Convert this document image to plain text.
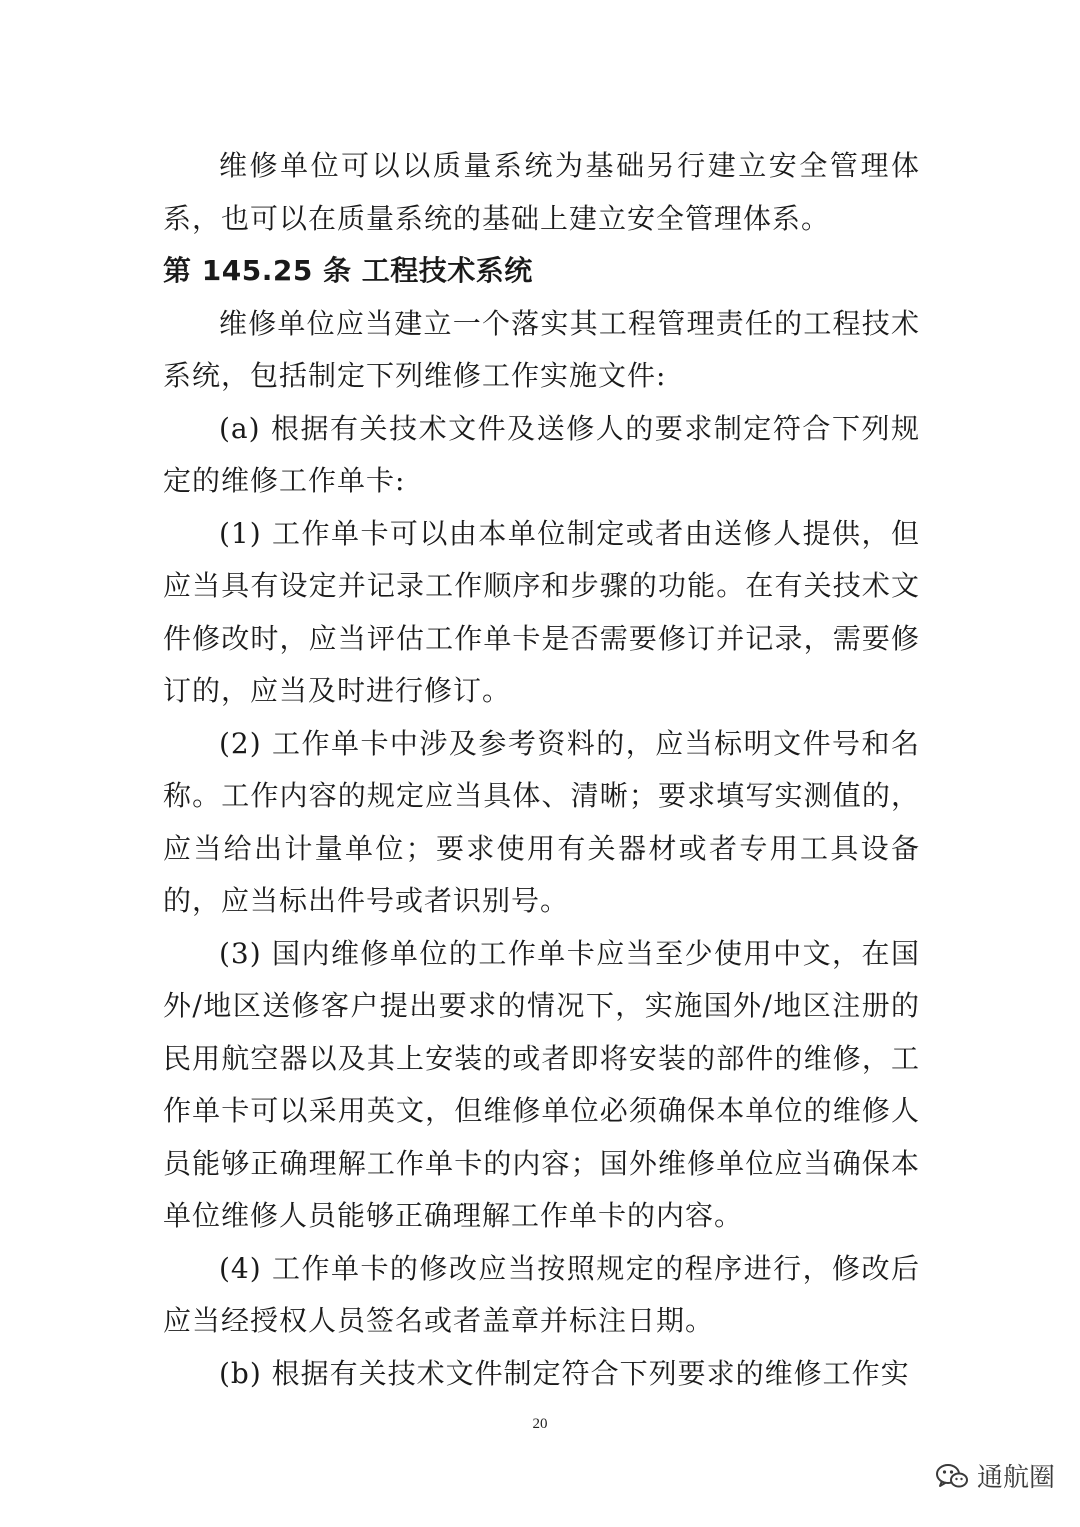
维修单位可以以质量系统为基础另行建立安全管理体系，也可以在质量系统的基础上建立安全管理体系。

第 145.25 条 工程技术系统

维修单位应当建立一个落实其工程管理责任的工程技术系统，包括制定下列维修工作实施文件:

(a) 根据有关技术文件及送修人的要求制定符合下列规定的维修工作单卡:

(1) 工作单卡可以由本单位制定或者由送修人提供，但应当具有设定并记录工作顺序和步骤的功能。在有关技术文件修改时，应当评估工作单卡是否需要修订并记录，需要修订的，应当及时进行修订。

(2) 工作单卡中涉及参考资料的，应当标明文件号和名称。工作内容的规定应当具体、清晰；要求填写实测值的，应当给出计量单位；要求使用有关器材或者专用工具设备的，应当标出件号或者识别号。

(3) 国内维修单位的工作单卡应当至少使用中文，在国外/地区送修客户提出要求的情况下，实施国外/地区注册的民用航空器以及其上安装的或者即将安装的部件的维修，工作单卡可以采用英文，但维修单位必须确保本单位的维修人员能够正确理解工作单卡的内容；国外维修单位应当确保本单位维修人员能够正确理解工作单卡的内容。

(4) 工作单卡的修改应当按照规定的程序进行，修改后应当经授权人员签名或者盖章并标注日期。

(b) 根据有关技术文件制定符合下列要求的维修工作实

20
通航圈
